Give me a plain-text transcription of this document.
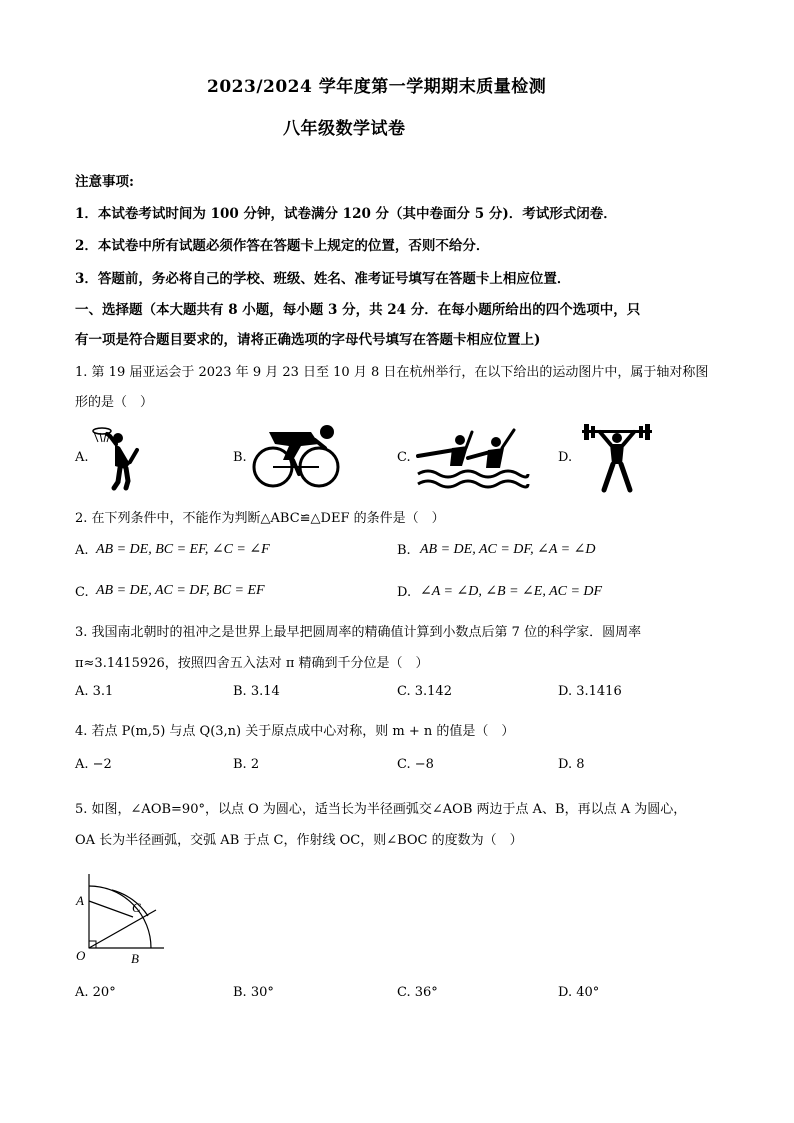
2023/2024 学年度第一学期期末质量检测
八年级数学试卷
注意事项:
1．本试卷考试时间为 100 分钟，试卷满分 120 分（其中卷面分 5 分)．考试形式闭卷．
2．本试卷中所有试题必须作答在答题卡上规定的位置，否则不给分．
3．答题前，务必将自己的学校、班级、姓名、准考证号填写在答题卡上相应位置．
一、选择题（本大题共有 8 小题，每小题 3 分，共 24 分．在每小题所给出的四个选项中，只
有一项是符合题目要求的，请将正确选项的字母代号填写在答题卡相应位置上)
1. 第 19 届亚运会于 2023 年 9 月 23 日至 10 月 8 日在杭州举行，在以下给出的运动图片中，属于轴对称图
形的是（　）
A.	B.	C.	D.
2. 在下列条件中，不能作为判断△ABC≌△DEF 的条件是（　）
A. AB = DE, BC = EF, ∠C = ∠F	B. AB = DE, AC = DF, ∠A = ∠D
C. AB = DE, AC = DF, BC = EF	D. ∠A = ∠D, ∠B = ∠E, AC = DF
3. 我国南北朝时的祖冲之是世界上最早把圆周率的精确值计算到小数点后第 7 位的科学家．圆周率
π≈3.1415926，按照四舍五入法对 π 精确到千分位是（　）
A. 3.1	B. 3.14	C. 3.142	D. 3.1416
4. 若点 P(m,5) 与点 Q(3,n) 关于原点成中心对称，则 m + n 的值是（　）
A. −2	B. 2	C. −8	D. 8
5. 如图，∠AOB=90°，以点 O 为圆心，适当长为半径画弧交∠AOB 两边于点 A、B，再以点 A 为圆心，
OA 长为半径画弧，交弧 AB 于点 C，作射线 OC，则∠BOC 的度数为（　）
A	C
O	B
A. 20°	B. 30°	C. 36°	D. 40°
